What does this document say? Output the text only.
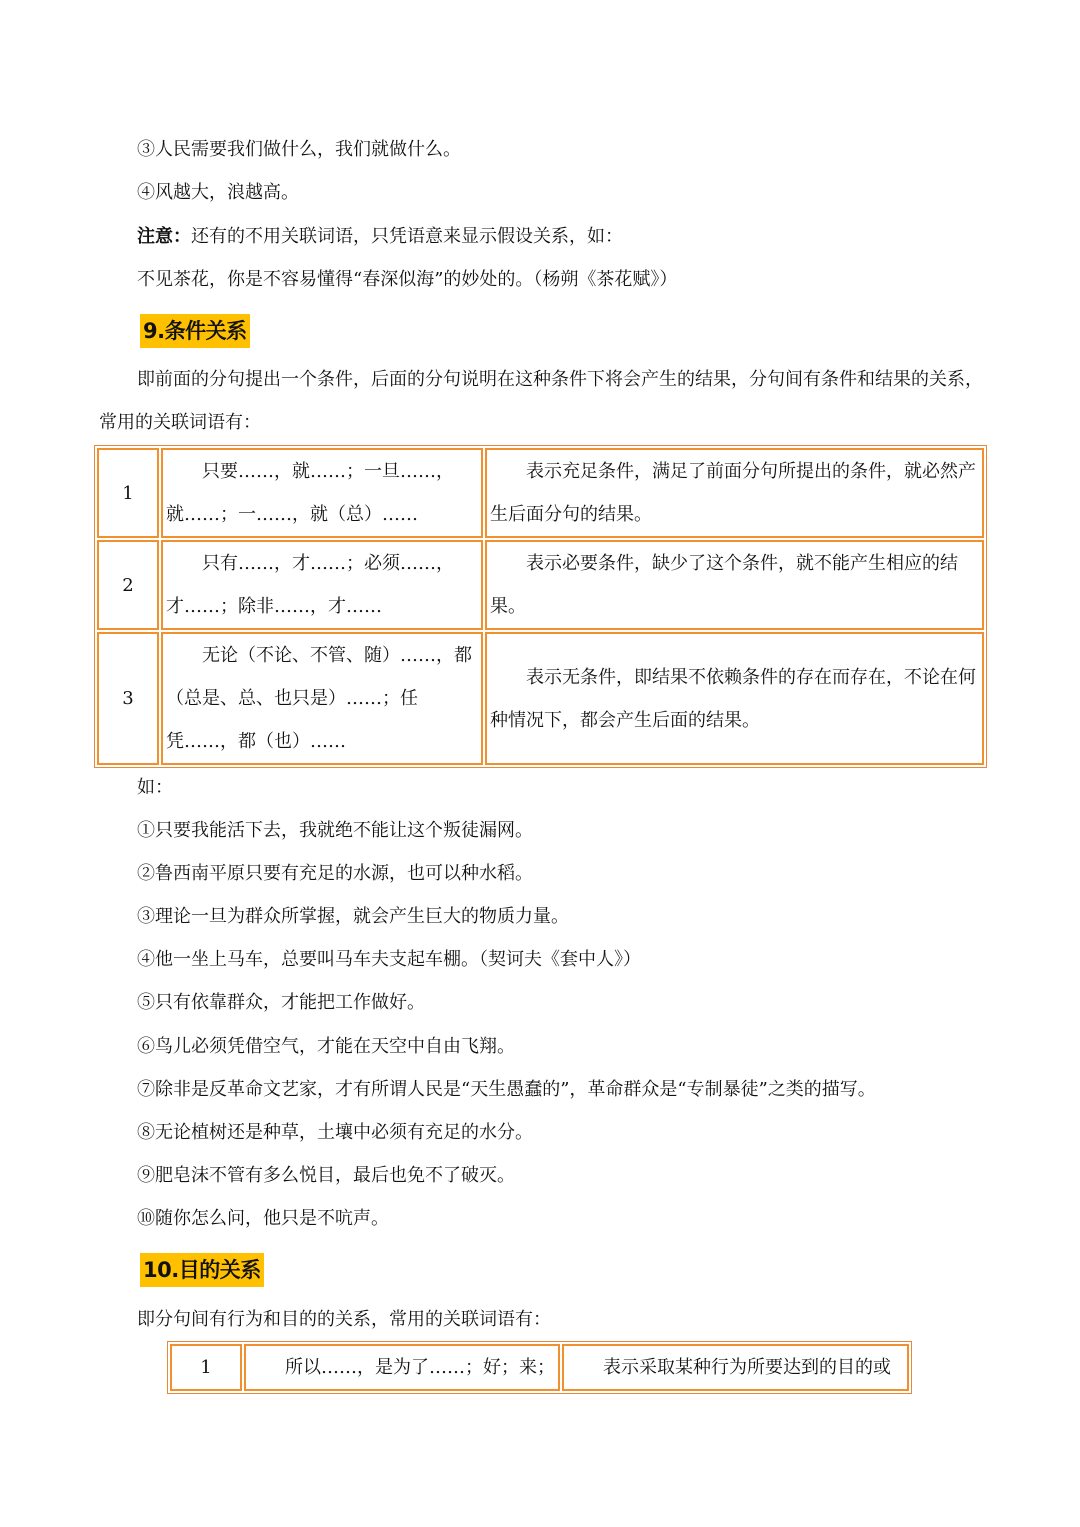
③人民需要我们做什么，我们就做什么。
④风越大，浪越高。
注意：还有的不用关联词语，只凭语意来显示假设关系，如：
不见茶花，你是不容易懂得“春深似海”的妙处的。（杨朔《茶花赋》）
9.条件关系
即前面的分句提出一个条件，后面的分句说明在这种条件下将会产生的结果，分句间有条件和结果的关系，常用的关联词语有：
1	只要……，就……；一旦……，就……；一……，就（总）……	表示充足条件，满足了前面分句所提出的条件，就必然产生后面分句的结果。
2	只有……，才……；必须……，才……；除非……，才……	表示必要条件，缺少了这个条件，就不能产生相应的结果。
3	无论（不论、不管、随）……，都（总是、总、也只是）……；任凭……，都（也）……	表示无条件，即结果不依赖条件的存在而存在，不论在何种情况下，都会产生后面的结果。
如：
①只要我能活下去，我就绝不能让这个叛徒漏网。
②鲁西南平原只要有充足的水源，也可以种水稻。
③理论一旦为群众所掌握，就会产生巨大的物质力量。
④他一坐上马车，总要叫马车夫支起车棚。（契诃夫《套中人》）
⑤只有依靠群众，才能把工作做好。
⑥鸟儿必须凭借空气，才能在天空中自由飞翔。
⑦除非是反革命文艺家，才有所谓人民是“天生愚蠢的”，革命群众是“专制暴徒”之类的描写。
⑧无论植树还是种草，土壤中必须有充足的水分。
⑨肥皂沫不管有多么悦目，最后也免不了破灭。
⑩随你怎么问，他只是不吭声。
10.目的关系
即分句间有行为和目的的关系，常用的关联词语有：
1	所以……，是为了……；好；来；	表示采取某种行为所要达到的目的或
